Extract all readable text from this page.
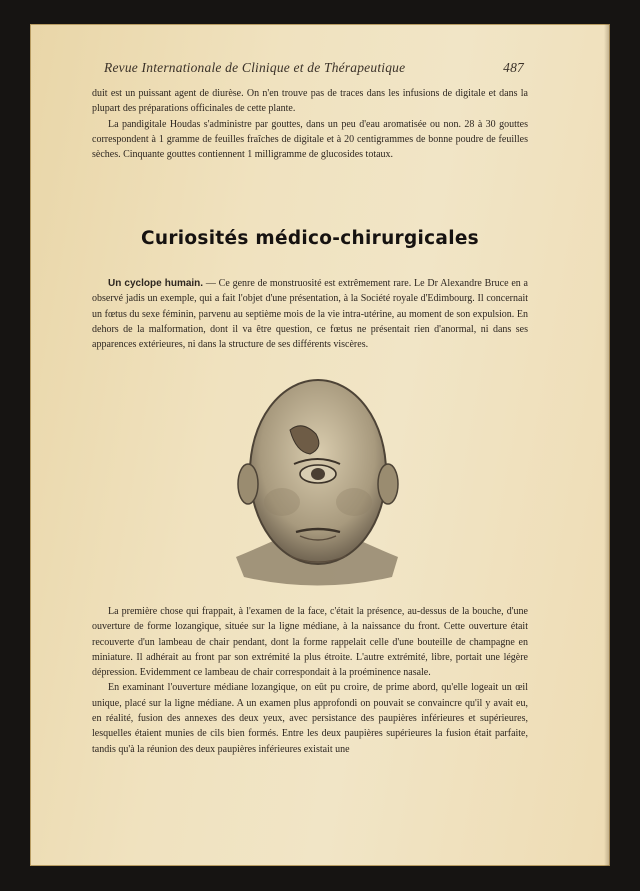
Revue Internationale de Clinique et de Thérapeutique	487

duit est un puissant agent de diurèse. On n'en trouve pas de traces dans les infusions de digitale et dans la plupart des préparations officinales de cette plante.

La pandigitale Houdas s'administre par gouttes, dans un peu d'eau aromatisée ou non. 28 à 30 gouttes correspondent à 1 gramme de feuilles fraîches de digitale et à 20 centigrammes de bonne poudre de feuilles sèches. Cinquante gouttes contiennent 1 milligramme de glucosides totaux.

Curiosités médico-chirurgicales

Un cyclope humain. — Ce genre de monstruosité est extrêmement rare. Le Dr Alexandre Bruce en a observé jadis un exemple, qui a fait l'objet d'une présentation, à la Société royale d'Edimbourg. Il concernait un fœtus du sexe féminin, parvenu au septième mois de la vie intra-utérine, au moment de son expulsion. En dehors de la malformation, dont il va être question, ce fœtus ne présentait rien d'anormal, ni dans ses apparences extérieures, ni dans la structure de ses différents viscères.

La première chose qui frappait, à l'examen de la face, c'était la présence, au-dessus de la bouche, d'une ouverture de forme lozangique, située sur la ligne médiane, à la naissance du front. Cette ouverture était recouverte d'un lambeau de chair pendant, dont la forme rappelait celle d'une bouteille de champagne en miniature. Il adhérait au front par son extrémité la plus étroite. L'autre extrémité, libre, portait une légère dépression. Evidemment ce lambeau de chair correspondait à la proéminence nasale.

En examinant l'ouverture médiane lozangique, on eût pu croire, de prime abord, qu'elle logeait un œil unique, placé sur la ligne médiane. A un examen plus approfondi on pouvait se convaincre qu'il y avait eu, en réalité, fusion des annexes des deux yeux, avec persistance des paupières inférieures et supérieures, lesquelles étaient munies de cils bien formés. Entre les deux paupières supérieures la fusion était parfaite, tandis qu'à la réunion des deux paupières inférieures existait une
